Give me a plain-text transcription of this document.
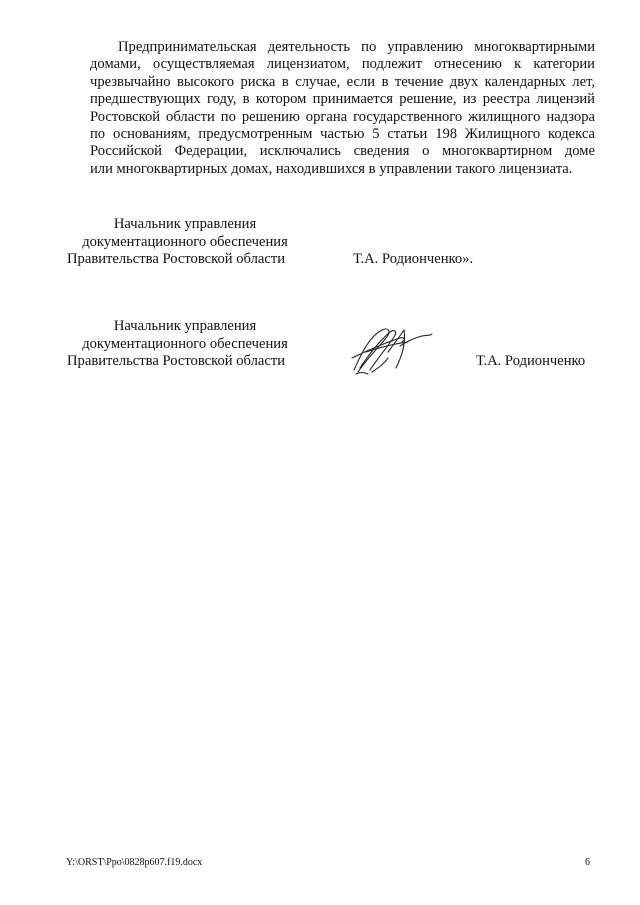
Предпринимательская деятельность по управлению многоквартирными
домами, осуществляемая лицензиатом, подлежит отнесению к категории
чрезвычайно высокого риска в случае, если в течение двух календарных лет,
предшествующих году, в котором принимается решение, из реестра лицензий
Ростовской области по решению органа государственного жилищного надзора
по основаниям, предусмотренным частью 5 статьи 198 Жилищного кодекса
Российской Федерации, исключались сведения о многоквартирном доме
или многоквартирных домах, находившихся в управлении такого лицензиата.
Начальник управления
документационного обеспечения
Правительства Ростовской области	Т.А. Родионченко».
Начальник управления
документационного обеспечения
Правительства Ростовской области	Т.А. Родионченко
Y:\ORST\Ppo\0828p607.f19.docx	6
